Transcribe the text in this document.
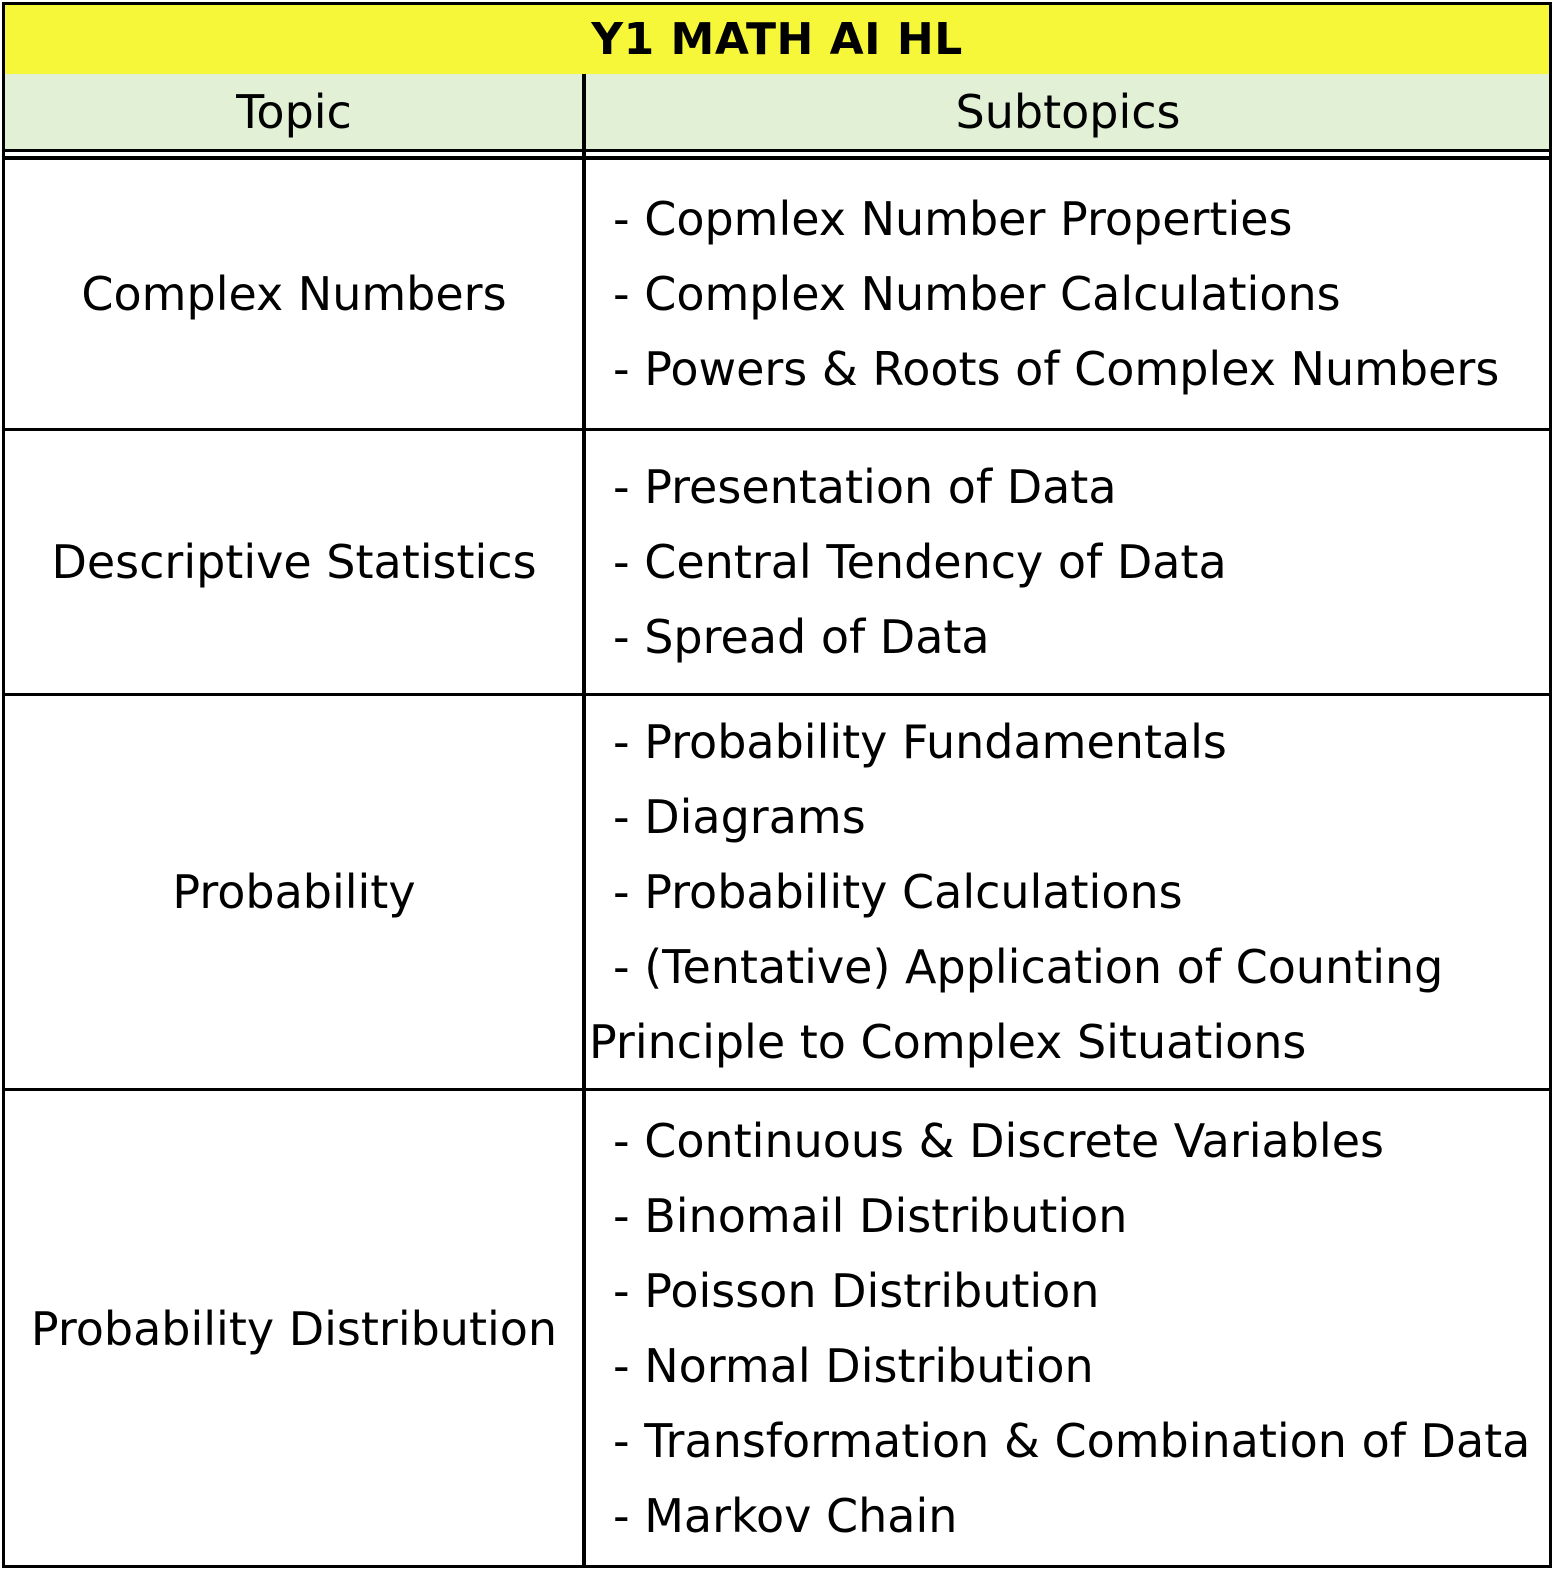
Y1 MATH AI HL
Topic	Subtopics
Complex Numbers
- Copmlex Number Properties
- Complex Number Calculations
- Powers & Roots of Complex Numbers
Descriptive Statistics
- Presentation of Data
- Central Tendency of Data
- Spread of Data
Probability
- Probability Fundamentals
- Diagrams
- Probability Calculations
- (Tentative) Application of Counting
Principle to Complex Situations
Probability Distribution
- Continuous & Discrete Variables
- Binomail Distribution
- Poisson Distribution
- Normal Distribution
- Transformation & Combination of Data
- Markov Chain
